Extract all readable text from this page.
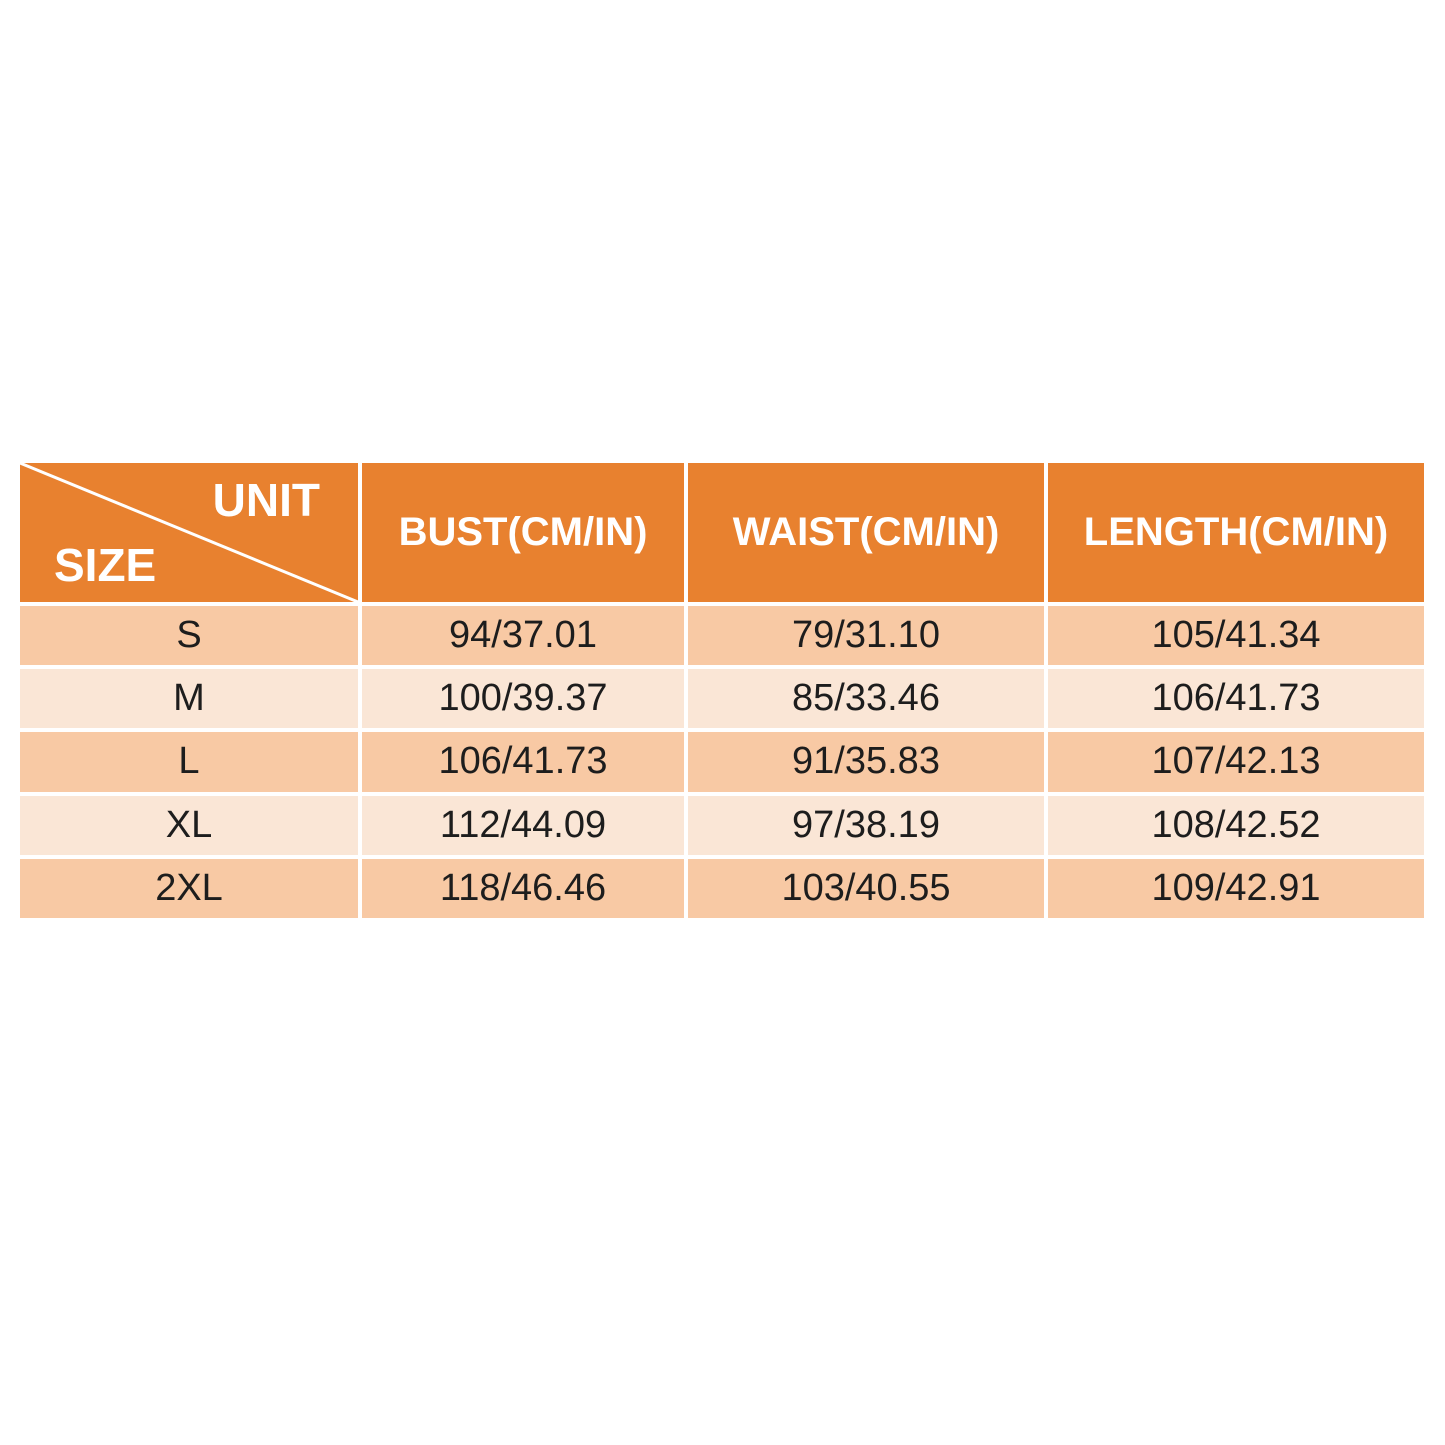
UNIT
SIZE
BUST(CM/IN)	WAIST(CM/IN)	LENGTH(CM/IN)
S	94/37.01	79/31.10	105/41.34
M	100/39.37	85/33.46	106/41.73
L	106/41.73	91/35.83	107/42.13
XL	112/44.09	97/38.19	108/42.52
2XL	118/46.46	103/40.55	109/42.91
